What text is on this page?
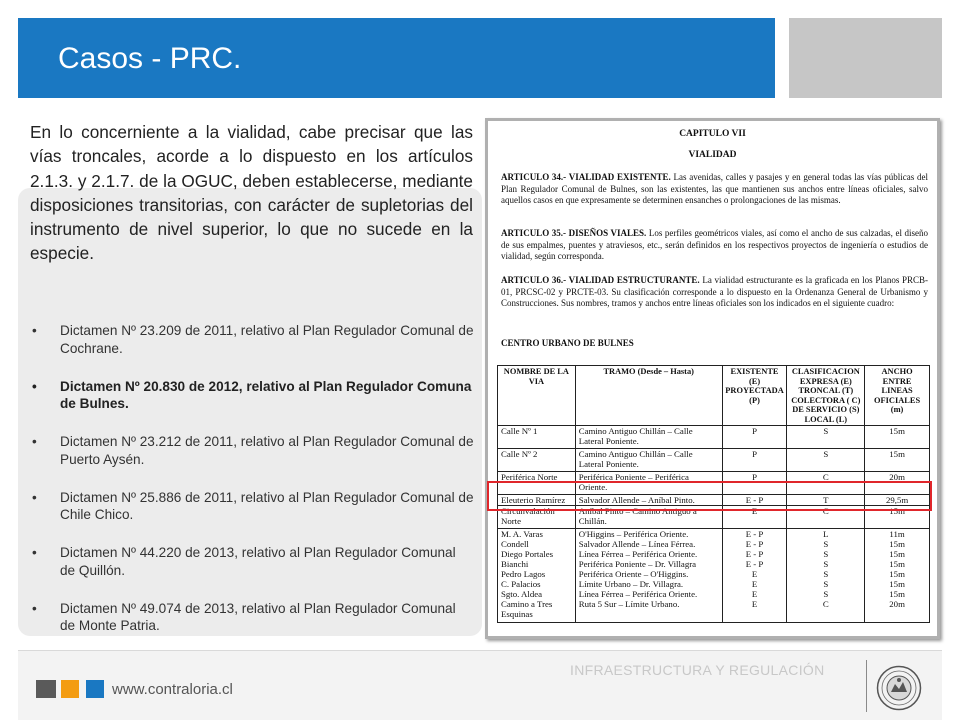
Casos - PRC.

En lo concerniente a la vialidad, cabe precisar que las vías troncales, acorde a lo dispuesto en los artículos 2.1.3. y 2.1.7. de la OGUC, deben establecerse, mediante disposiciones transitorias, con carácter de supletorias del instrumento de nivel superior, lo que no sucede en la especie.

• Dictamen Nº 23.209 de 2011, relativo al Plan Regulador Comunal de Cochrane.
• Dictamen Nº 20.830 de 2012, relativo al Plan Regulador Comuna de Bulnes.
• Dictamen Nº 23.212 de 2011, relativo al Plan Regulador Comunal de Puerto Aysén.
• Dictamen Nº 25.886 de 2011, relativo al Plan Regulador Comunal de Chile Chico.
• Dictamen Nº 44.220 de 2013, relativo al Plan Regulador Comunal de Quillón.
• Dictamen Nº 49.074 de 2013, relativo al Plan Regulador Comunal de Monte Patria.
CAPITULO VII
VIALIDAD
ARTICULO 34.- VIALIDAD EXISTENTE. Las avenidas, calles y pasajes y en general todas las vías públicas del Plan Regulador Comunal de Bulnes, son las existentes, las que mantienen sus anchos entre líneas oficiales, salvo aquellos casos en que expresamente se determinen ensanches o prolongaciones de las mismas.
ARTICULO 35.- DISEÑOS VIALES. Los perfiles geométricos viales, así como el ancho de sus calzadas, el diseño de sus empalmes, puentes y atraviesos, etc., serán definidos en los respectivos proyectos de ingeniería o estudios de vialidad, según corresponda.
ARTICULO 36.- VIALIDAD ESTRUCTURANTE. La vialidad estructurante es la graficada en los Planos PRCB-01, PRCSC-02 y PRCTE-03. Su clasificación corresponde a lo dispuesto en la Ordenanza General de Urbanismo y Construcciones. Sus nombres, tramos y anchos entre líneas oficiales son los indicados en el siguiente cuadro:
CENTRO URBANO DE BULNES
NOMBRE DE LA VIA	TRAMO (Desde – Hasta)	EXISTENTE (E) PROYECTADA (P)	CLASIFICACION EXPRESA (E) TRONCAL (T) COLECTORA ( C) DE SERVICIO (S) LOCAL (L)	ANCHO ENTRE LINEAS OFICIALES (m)
Calle Nº 1	Camino Antiguo Chillán – Calle Lateral Poniente.	P	S	15m
Calle Nº 2	Camino Antiguo Chillán – Calle Lateral Poniente.	P	S	15m
Periférica Norte	Periférica Poniente – Periférica Oriente.	P	C	20m
Eleuterio Ramírez	Salvador Allende – Aníbal Pinto.	E - P	T	29,5m
Circunvalación Norte	Aníbal Pinto – Camino Antiguo a Chillán.	E	C	15m
M. A. Varas	O'Higgins – Periférica Oriente.	E - P	L	11m
Condell	Salvador Allende – Línea Férrea.	E - P	S	15m
Diego Portales	Línea Férrea – Periférica Oriente.	E - P	S	15m
Bianchi	Periférica Poniente – Dr. Villagra	E - P	S	15m
Pedro Lagos	Periférica Oriente – O'Higgins.	E	S	15m
C. Palacios	Límite Urbano – Dr. Villagra.	E	S	15m
Sgto. Aldea	Línea Férrea – Periférica Oriente.	E	S	15m
Camino a Tres Esquinas	Ruta 5 Sur – Límite Urbano.	E	C	20m
INFRAESTRUCTURA Y REGULACIÓN
www.contraloria.cl
